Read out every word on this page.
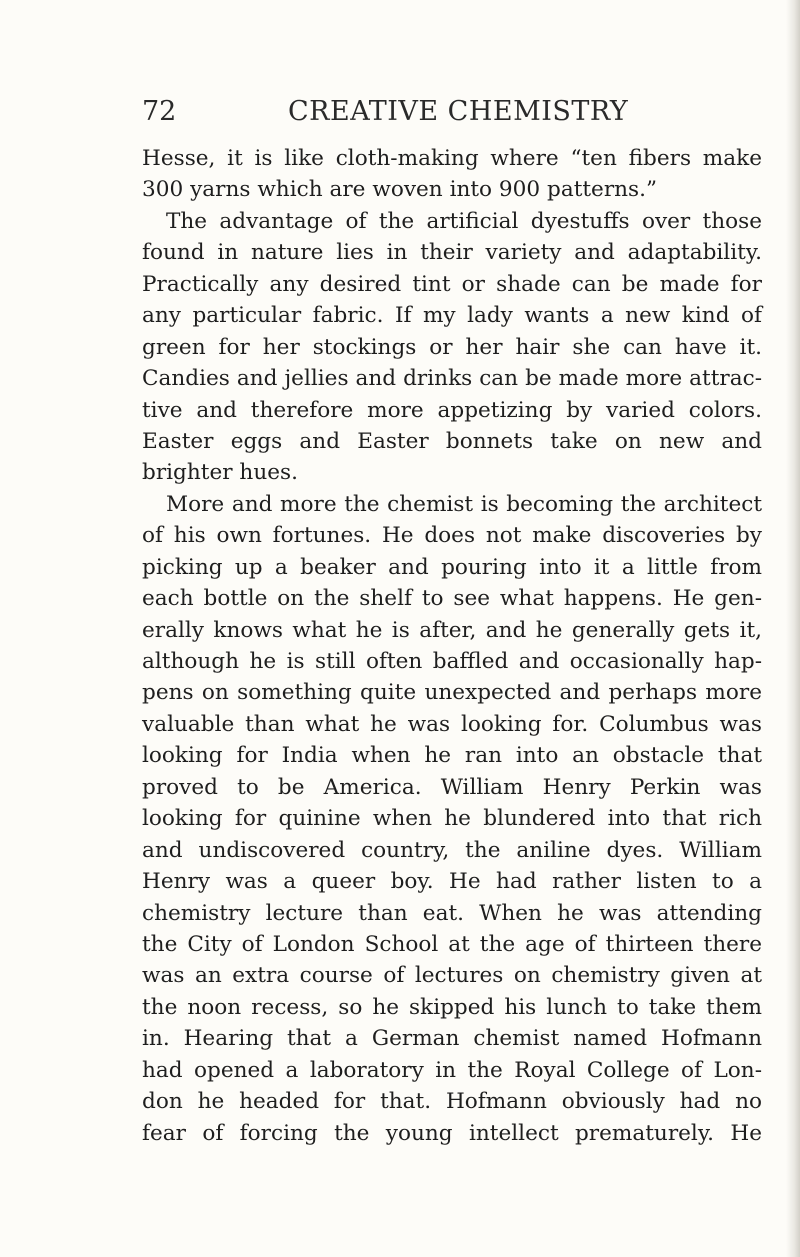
72	CREATIVE CHEMISTRY
Hesse, it is like cloth-making where “ten fibers make
300 yarns which are woven into 900 patterns.”
The advantage of the artificial dyestuffs over those
found in nature lies in their variety and adaptability.
Practically any desired tint or shade can be made for
any particular fabric. If my lady wants a new kind of
green for her stockings or her hair she can have it.
Candies and jellies and drinks can be made more attrac-
tive and therefore more appetizing by varied colors.
Easter eggs and Easter bonnets take on new and
brighter hues.
More and more the chemist is becoming the architect
of his own fortunes. He does not make discoveries by
picking up a beaker and pouring into it a little from
each bottle on the shelf to see what happens. He gen-
erally knows what he is after, and he generally gets it,
although he is still often baffled and occasionally hap-
pens on something quite unexpected and perhaps more
valuable than what he was looking for. Columbus was
looking for India when he ran into an obstacle that
proved to be America. William Henry Perkin was
looking for quinine when he blundered into that rich
and undiscovered country, the aniline dyes. William
Henry was a queer boy. He had rather listen to a
chemistry lecture than eat. When he was attending
the City of London School at the age of thirteen there
was an extra course of lectures on chemistry given at
the noon recess, so he skipped his lunch to take them
in. Hearing that a German chemist named Hofmann
had opened a laboratory in the Royal College of Lon-
don he headed for that. Hofmann obviously had no
fear of forcing the young intellect prematurely. He
